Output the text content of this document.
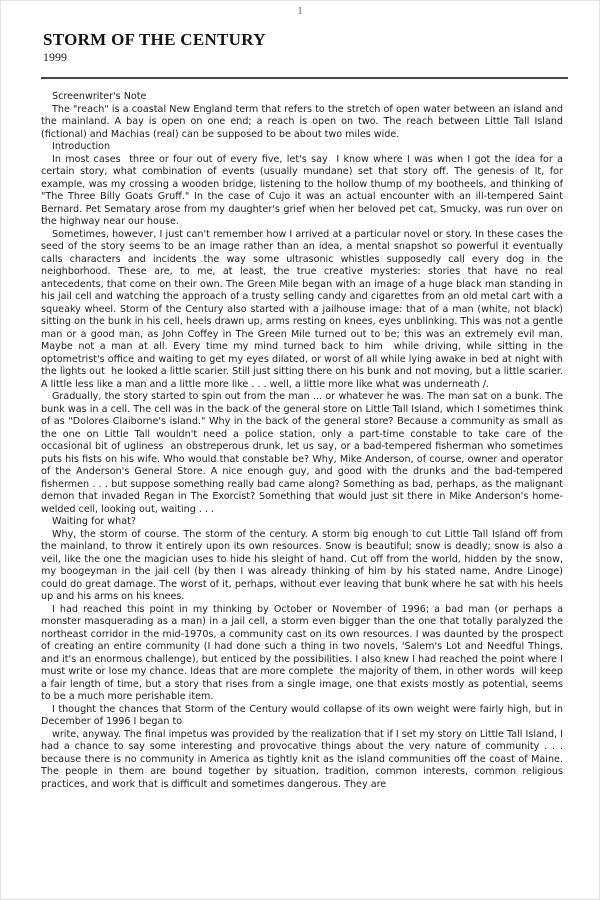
1
STORM OF THE CENTURY
1999

Screenwriter's Note

The "reach" is a coastal New England term that refers to the stretch of open water between an island and the mainland. A bay is open on one end; a reach is open on two. The reach between Little Tall Island (fictional) and Machias (real) can be supposed to be about two miles wide.

Introduction

In most cases  three or four out of every five, let's say  I know where I was when I got the idea for a certain story, what combination of events (usually mundane) set that story off. The genesis of It, for example, was my crossing a wooden bridge, listening to the hollow thump of my bootheels, and thinking of "The Three Billy Goats Gruff." In the case of Cujo it was an actual encounter with an ill-tempered Saint Bernard. Pet Sematary arose from my daughter's grief when her beloved pet cat, Smucky, was run over on the highway near our house.

Sometimes, however, I just can't remember how I arrived at a particular novel or story. In these cases the seed of the story seems to be an image rather than an idea, a mental snapshot so powerful it eventually calls characters and incidents the way some ultrasonic whistles supposedly call every dog in the neighborhood. These are, to me, at least, the true creative mysteries: stories that have no real antecedents, that come on their own. The Green Mile began with an image of a huge black man standing in his jail cell and watching the approach of a trusty selling candy and cigarettes from an old metal cart with a squeaky wheel. Storm of the Century also started with a jailhouse image: that of a man (white, not black) sitting on the bunk in his cell, heels drawn up, arms resting on knees, eyes unblinking. This was not a gentle man or a good man, as John Coffey in The Green Mile turned out to be; this was an extremely evil man. Maybe not a man at all. Every time my mind turned back to him  while driving, while sitting in the optometrist's office and waiting to get my eyes dilated, or worst of all while lying awake in bed at night with the lights out  he looked a little scarier. Still just sitting there on his bunk and not moving, but a little scarier. A little less like a man and a little more like . . . well, a little more like what was underneath /.

Gradually, the story started to spin out from the man ... or whatever he was. The man sat on a bunk. The bunk was in a cell. The cell was in the back of the general store on Little Tall Island, which I sometimes think of as "Dolores Claiborne's island." Why in the back of the general store? Because a community as small as the one on Little Tall wouldn't need a police station, only a part-time constable to take care of the occasional bit of ugliness  an obstreperous drunk, let us say, or a bad-tempered fisherman who sometimes puts his fists on his wife. Who would that constable be? Why, Mike Anderson, of course, owner and operator of the Anderson's General Store. A nice enough guy, and good with the drunks and the bad-tempered fishermen . . . but suppose something really bad came along? Something as bad, perhaps, as the malignant demon that invaded Regan in The Exorcist? Something that would just sit there in Mike Anderson's home-welded cell, looking out, waiting . . .

Waiting for what?

Why, the storm of course. The storm of the century. A storm big enough to cut Little Tall Island off from the mainland, to throw it entirely upon its own resources. Snow is beautiful; snow is deadly; snow is also a veil, like the one the magician uses to hide his sleight of hand. Cut off from the world, hidden by the snow, my boogeyman in the jail cell (by then I was already thinking of him by his stated name, Andre Linoge) could do great damage. The worst of it, perhaps, without ever leaving that bunk where he sat with his heels up and his arms on his knees.

I had reached this point in my thinking by October or November of 1996; a bad man (or perhaps a monster masquerading as a man) in a jail cell, a storm even bigger than the one that totally paralyzed the northeast corridor in the mid-1970s, a community cast on its own resources. I was daunted by the prospect of creating an entire community (I had done such a thing in two novels, 'Salem's Lot and Needful Things, and it's an enormous challenge), but enticed by the possibilities. I also knew I had reached the point where I must write or lose my chance. Ideas that are more complete  the majority of them, in other words  will keep a fair length of time, but a story that rises from a single image, one that exists mostly as potential, seems to be a much more perishable item.

I thought the chances that Storm of the Century would collapse of its own weight were fairly high, but in December of 1996 I began to

write, anyway. The final impetus was provided by the realization that if I set my story on Little Tall Island, I had a chance to say some interesting and provocative things about the very nature of community . . . because there is no community in America as tightly knit as the island communities off the coast of Maine. The people in them are bound together by situation, tradition, common interests, common religious practices, and work that is difficult and sometimes dangerous. They are
